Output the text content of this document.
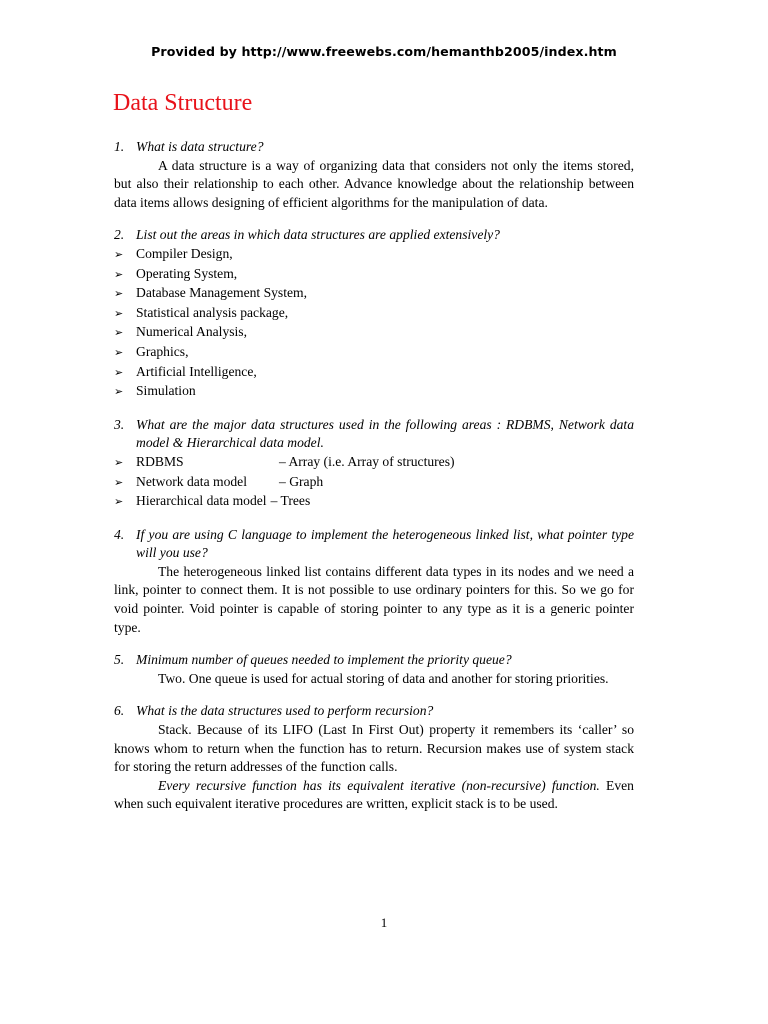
Provided by http://www.freewebs.com/hemanthb2005/index.htm
Data Structure
1. What is data structure?

A data structure is a way of organizing data that considers not only the items stored, but also their relationship to each other. Advance knowledge about the relationship between data items allows designing of efficient algorithms for the manipulation of data.

2. List out the areas in which data structures are applied extensively?
➢ Compiler Design,
➢ Operating System,
➢ Database Management System,
➢ Statistical analysis package,
➢ Numerical Analysis,
➢ Graphics,
➢ Artificial Intelligence,
➢ Simulation
3. What are the major data structures used in the following areas : RDBMS, Network data model & Hierarchical data model.
➢ RDBMS	– Array (i.e. Array of structures)
➢ Network data model	– Graph
➢ Hierarchical data model – Trees
4. If you are using C language to implement the heterogeneous linked list, what pointer type will you use?

The heterogeneous linked list contains different data types in its nodes and we need a link, pointer to connect them. It is not possible to use ordinary pointers for this. So we go for void pointer. Void pointer is capable of storing pointer to any type as it is a generic pointer type.

5. Minimum number of queues needed to implement the priority queue?

Two. One queue is used for actual storing of data and another for storing priorities.

6. What is the data structures used to perform recursion?

Stack. Because of its LIFO (Last In First Out) property it remembers its ‘caller’ so knows whom to return when the function has to return. Recursion makes use of system stack for storing the return addresses of the function calls.

Every recursive function has its equivalent iterative (non-recursive) function. Even when such equivalent iterative procedures are written, explicit stack is to be used.

1
